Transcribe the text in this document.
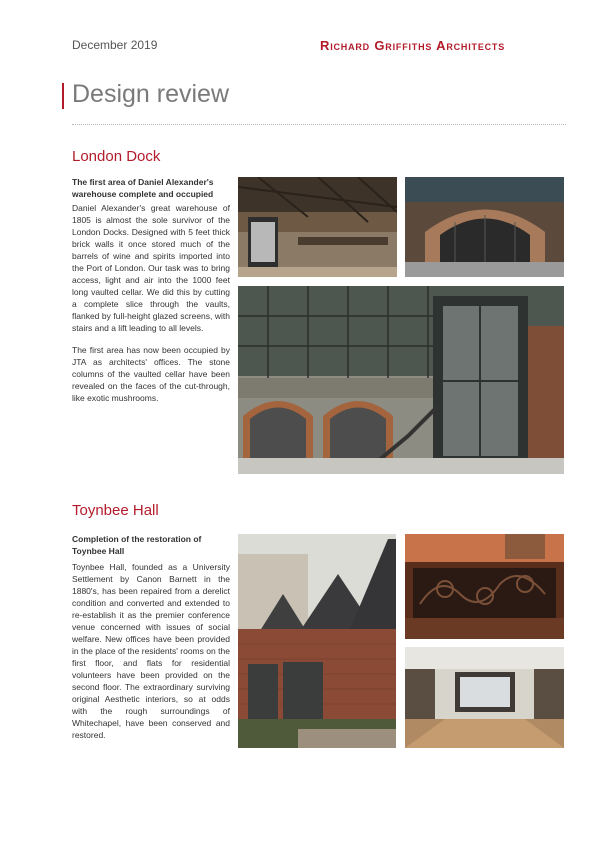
December 2019	Richard Griffiths Architects
Design review
London Dock
The first area of Daniel Alexander's warehouse complete and occupied

Daniel Alexander's great warehouse of 1805 is almost the sole survivor of the London Docks. Designed with 5 feet thick brick walls it once stored much of the barrels of wine and spirits imported into the Port of London. Our task was to bring access, light and air into the 1000 feet long vaulted cellar. We did this by cutting a complete slice through the vaults, flanked by full-height glazed screens, with stairs and a lift leading to all levels.

The first area has now been occupied by JTA as architects' offices. The stone columns of the vaulted cellar have been revealed on the faces of the cut-through, like exotic mushrooms.

Toynbee Hall
Completion of the restoration of Toynbee Hall

Toynbee Hall, founded as a University Settlement by Canon Barnett in the 1880's, has been repaired from a derelict condition and converted and extended to re-establish it as the premier conference venue concerned with issues of social welfare. New offices have been provided in the place of the residents' rooms on the first floor, and flats for residential volunteers have been provided on the second floor. The extraordinary surviving original Aesthetic interiors, so at odds with the rough surroundings of Whitechapel, have been conserved and restored.
